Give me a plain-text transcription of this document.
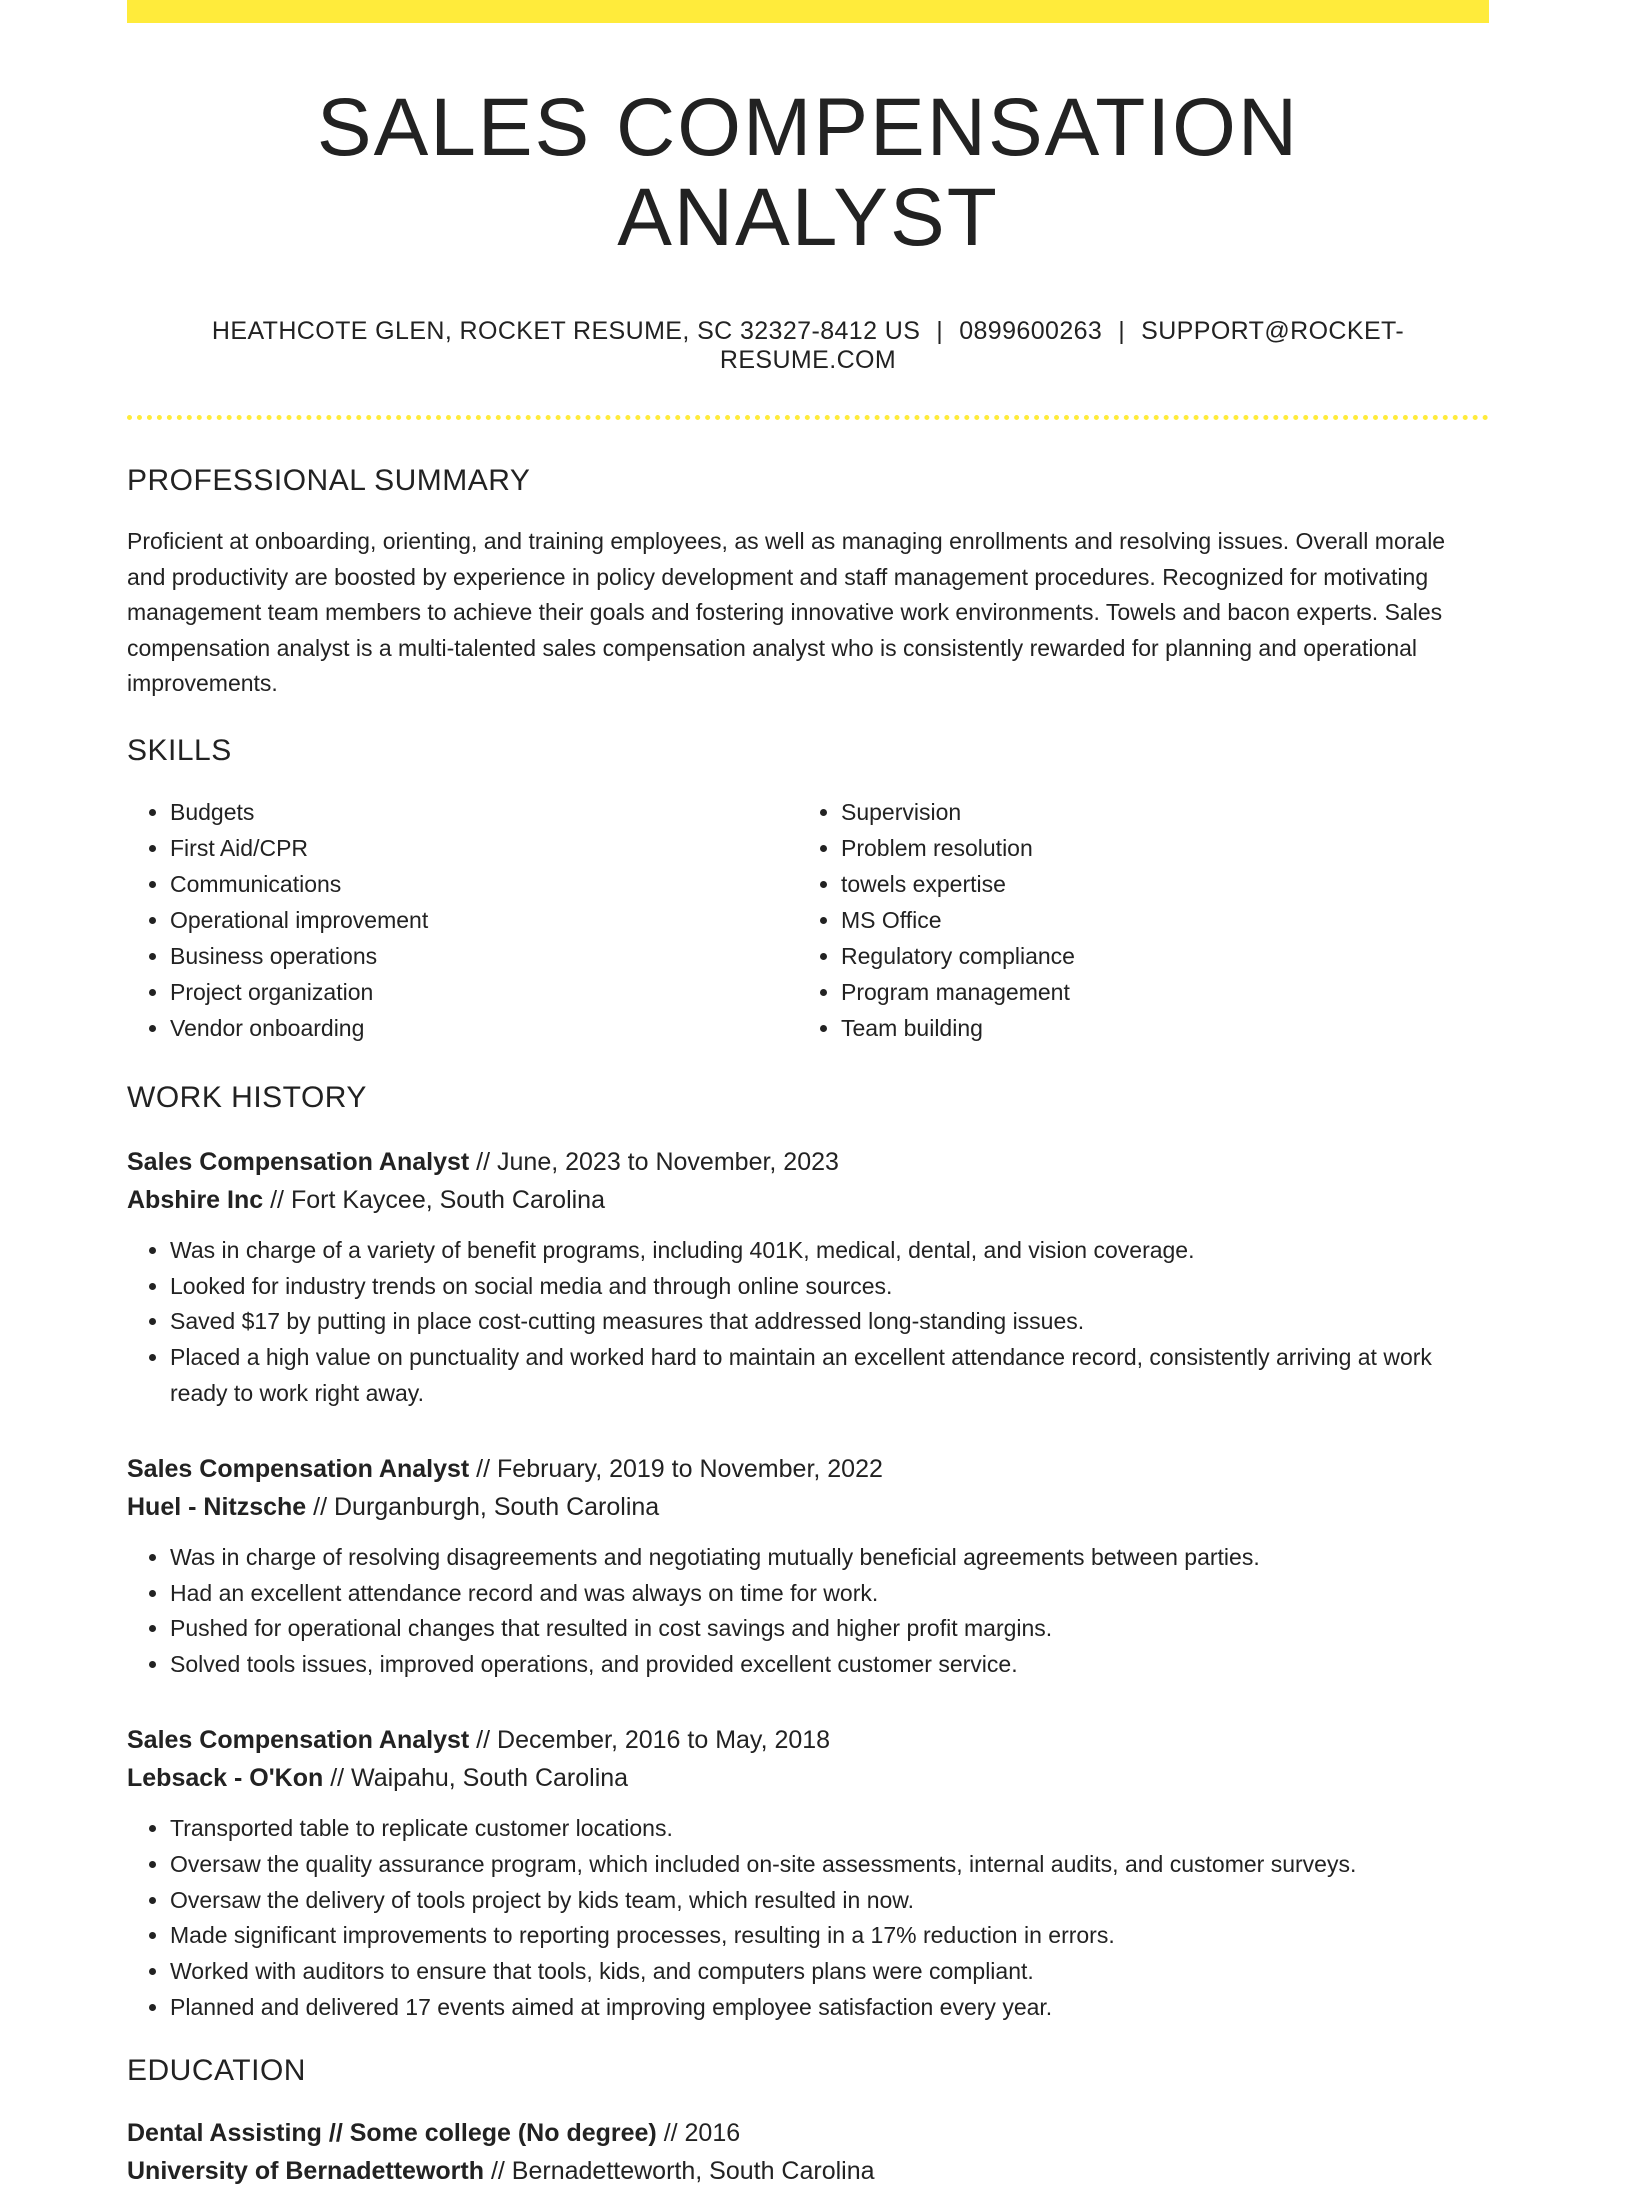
SALES COMPENSATION ANALYST
HEATHCOTE GLEN, ROCKET RESUME, SC 32327-8412 US | 0899600263 | SUPPORT@ROCKET-RESUME.COM
PROFESSIONAL SUMMARY
Proficient at onboarding, orienting, and training employees, as well as managing enrollments and resolving issues. Overall morale and productivity are boosted by experience in policy development and staff management procedures. Recognized for motivating management team members to achieve their goals and fostering innovative work environments. Towels and bacon experts. Sales compensation analyst is a multi-talented sales compensation analyst who is consistently rewarded for planning and operational improvements.
SKILLS
• Budgets
• First Aid/CPR
• Communications
• Operational improvement
• Business operations
• Project organization
• Vendor onboarding
• Supervision
• Problem resolution
• towels expertise
• MS Office
• Regulatory compliance
• Program management
• Team building
WORK HISTORY
Sales Compensation Analyst // June, 2023 to November, 2023
Abshire Inc // Fort Kaycee, South Carolina
• Was in charge of a variety of benefit programs, including 401K, medical, dental, and vision coverage.
• Looked for industry trends on social media and through online sources.
• Saved $17 by putting in place cost-cutting measures that addressed long-standing issues.
• Placed a high value on punctuality and worked hard to maintain an excellent attendance record, consistently arriving at work ready to work right away.
Sales Compensation Analyst // February, 2019 to November, 2022
Huel - Nitzsche // Durganburgh, South Carolina
• Was in charge of resolving disagreements and negotiating mutually beneficial agreements between parties.
• Had an excellent attendance record and was always on time for work.
• Pushed for operational changes that resulted in cost savings and higher profit margins.
• Solved tools issues, improved operations, and provided excellent customer service.
Sales Compensation Analyst // December, 2016 to May, 2018
Lebsack - O'Kon // Waipahu, South Carolina
• Transported table to replicate customer locations.
• Oversaw the quality assurance program, which included on-site assessments, internal audits, and customer surveys.
• Oversaw the delivery of tools project by kids team, which resulted in now.
• Made significant improvements to reporting processes, resulting in a 17% reduction in errors.
• Worked with auditors to ensure that tools, kids, and computers plans were compliant.
• Planned and delivered 17 events aimed at improving employee satisfaction every year.
EDUCATION
Dental Assisting // Some college (No degree) // 2016
University of Bernadetteworth // Bernadetteworth, South Carolina
